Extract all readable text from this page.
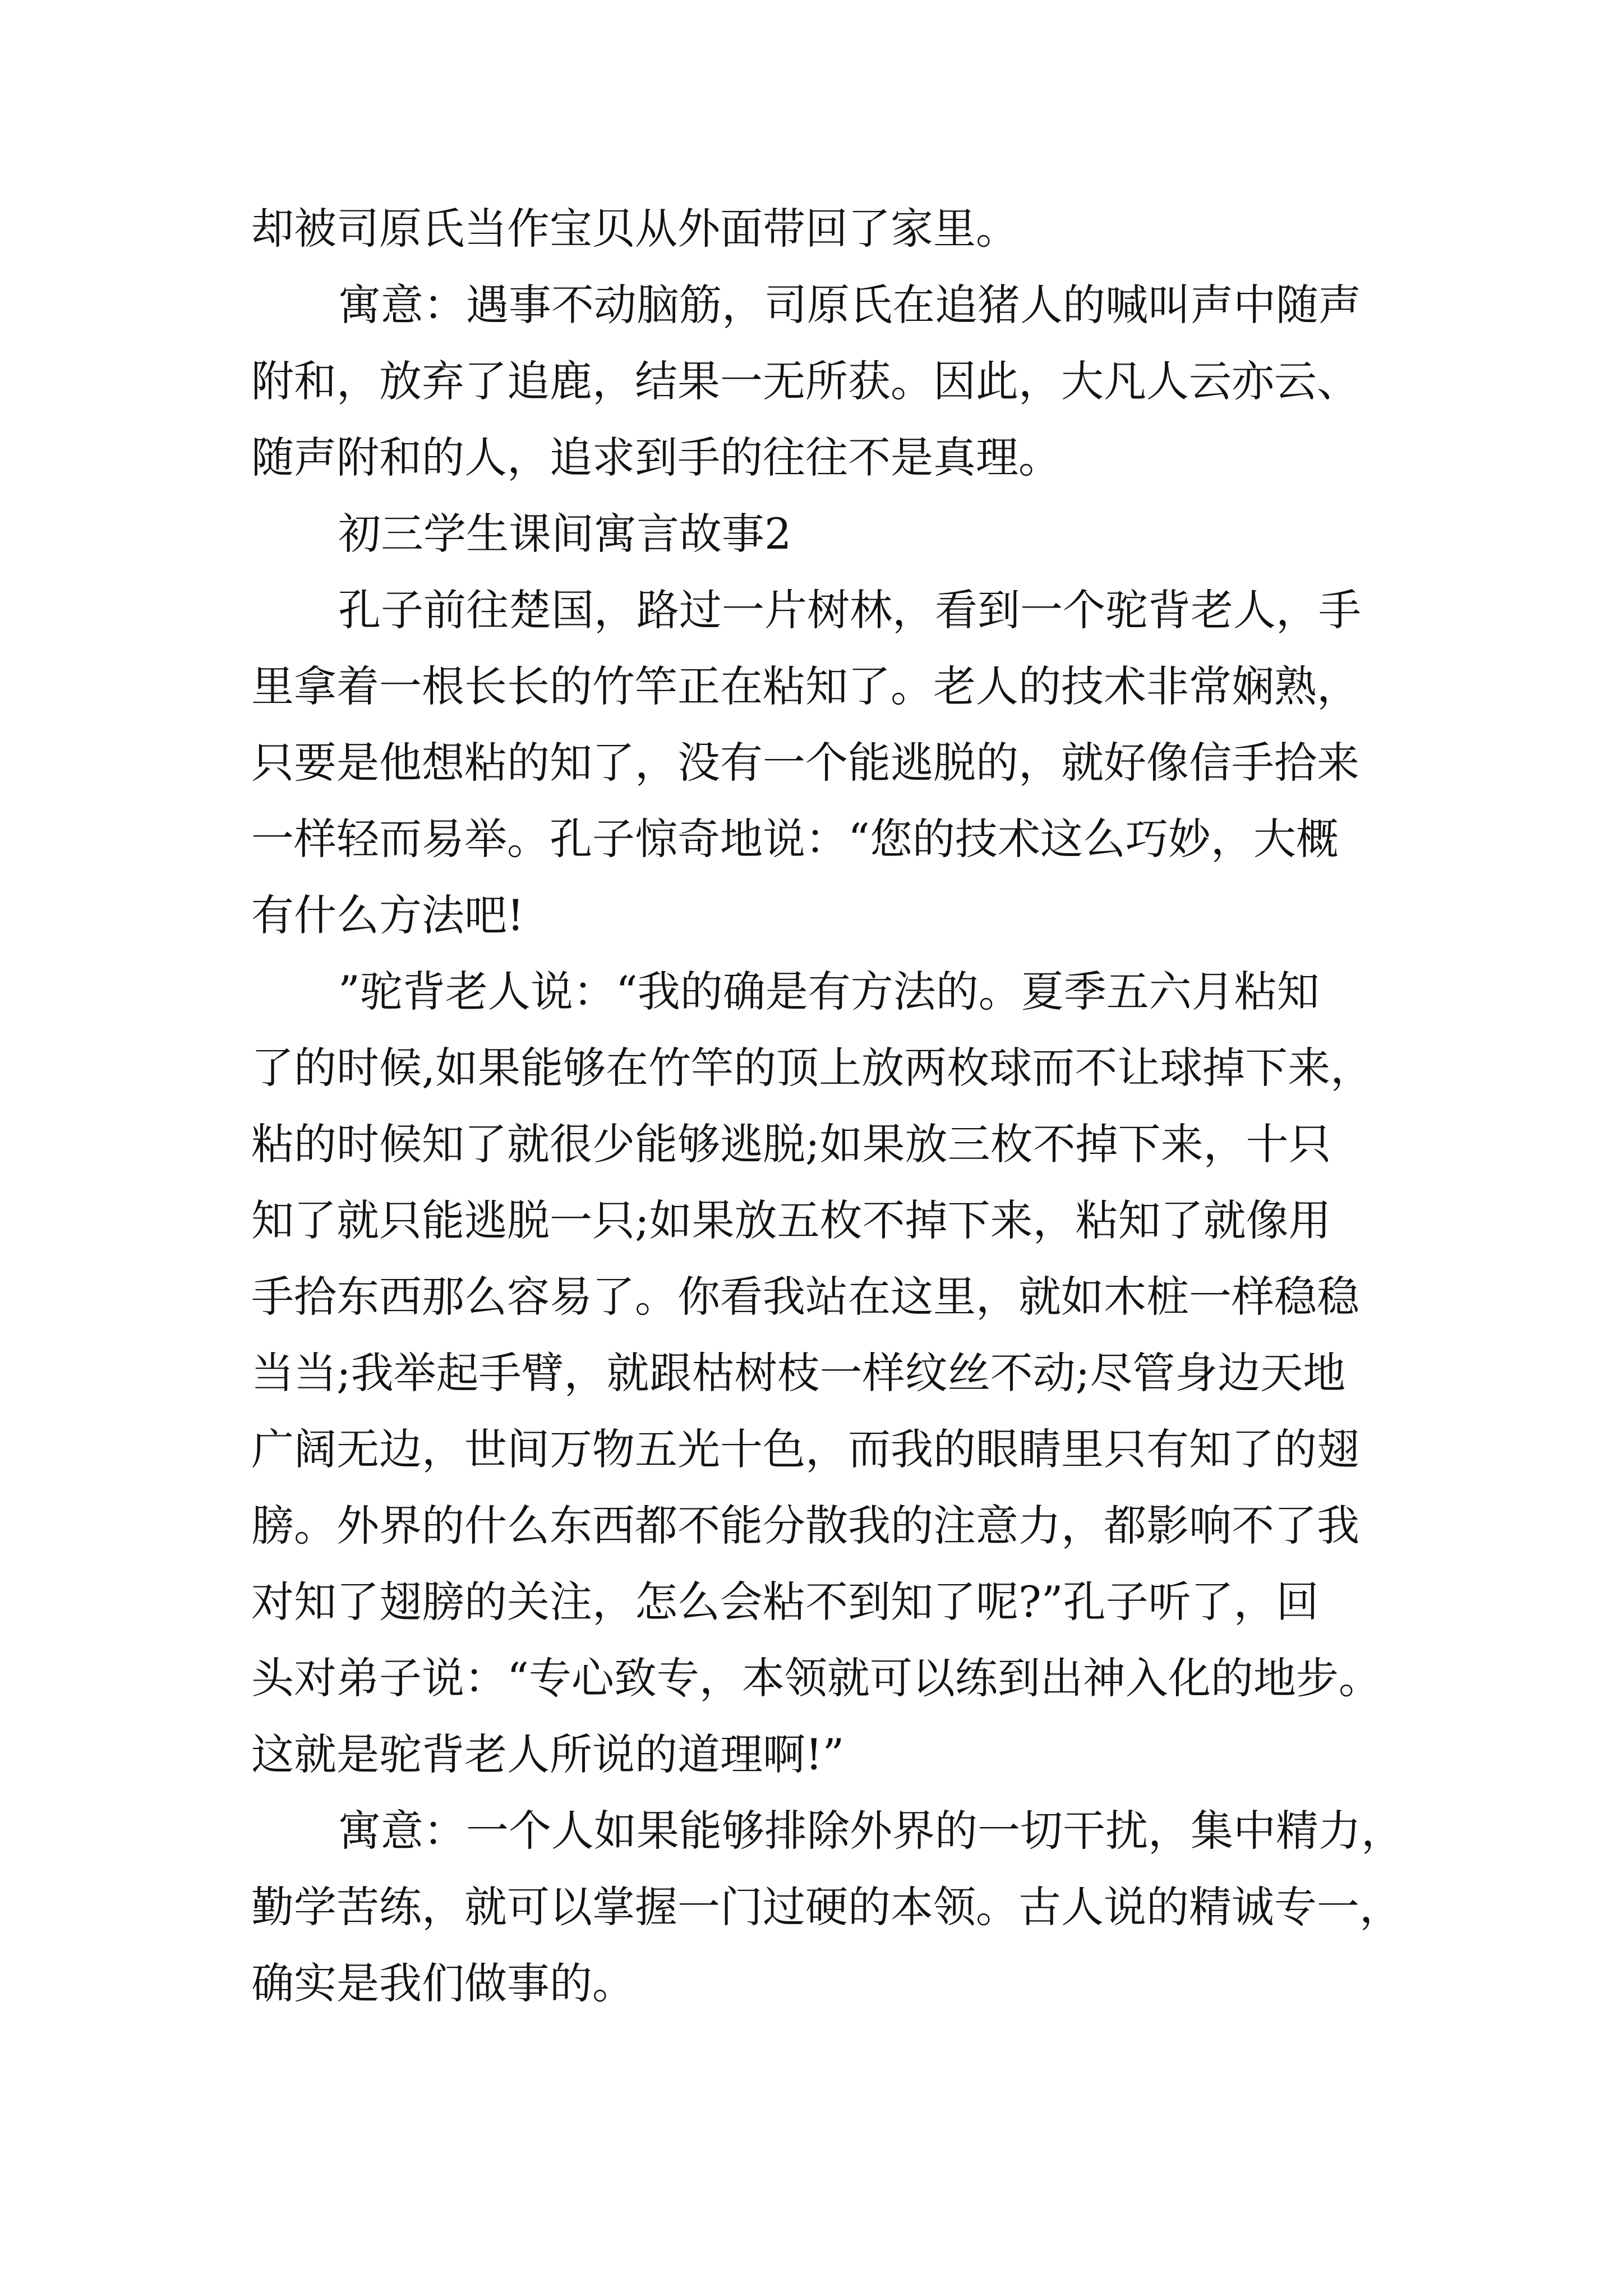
却被司原氏当作宝贝从外面带回了家里。
寓意：遇事不动脑筋，司原氏在追猪人的喊叫声中随声
附和，放弃了追鹿，结果一无所获。因此，大凡人云亦云、
随声附和的人，追求到手的往往不是真理。
初三学生课间寓言故事2
孔子前往楚国，路过一片树林，看到一个驼背老人，手
里拿着一根长长的竹竿正在粘知了。老人的技术非常娴熟，
只要是他想粘的知了，没有一个能逃脱的，就好像信手拾来
一样轻而易举。孔子惊奇地说：“您的技术这么巧妙，大概
有什么方法吧!
”驼背老人说：“我的确是有方法的。夏季五六月粘知
了的时候,如果能够在竹竿的顶上放两枚球而不让球掉下来，
粘的时候知了就很少能够逃脱;如果放三枚不掉下来，十只
知了就只能逃脱一只;如果放五枚不掉下来，粘知了就像用
手拾东西那么容易了。你看我站在这里，就如木桩一样稳稳
当当;我举起手臂，就跟枯树枝一样纹丝不动;尽管身边天地
广阔无边，世间万物五光十色，而我的眼睛里只有知了的翅
膀。外界的什么东西都不能分散我的注意力，都影响不了我
对知了翅膀的关注，怎么会粘不到知了呢?”孔子听了，回
头对弟子说：“专心致专，本领就可以练到出神入化的地步。
这就是驼背老人所说的道理啊!”
寓意：一个人如果能够排除外界的一切干扰，集中精力，
勤学苦练，就可以掌握一门过硬的本领。古人说的精诚专一，
确实是我们做事的。
